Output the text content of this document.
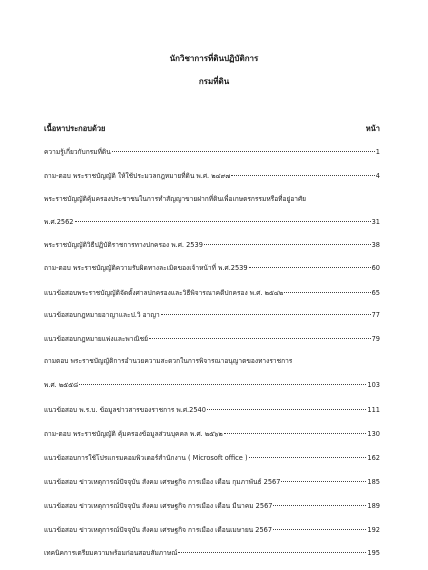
นักวิชาการที่ดินปฏิบัติการ
กรมที่ดิน
เนื้อหาประกอบด้วย	หน้า
ความรู้เกี่ยวกับกรมที่ดิน	1
ถาม-ตอบ พระราชบัญญัติ ให้ใช้ประมวลกฎหมายที่ดิน พ.ศ. ๒๔๙๗	4
พระราชบัญญัติคุ้มครองประชาชนในการทำสัญญาขายฝากที่ดินเพื่อเกษตรกรรมหรือที่อยู่อาศัย
พ.ศ.2562	31
พระราชบัญญัติวิธีปฏิบัติราชการทางปกครอง พ.ศ. 2539	38
ถาม-ตอบ พระราชบัญญัติความรับผิดทางละเมิดของเจ้าหน้าที่ พ.ศ.2539	60
แนวข้อสอบพระราชบัญญัติจัดตั้งศาลปกครองและวิธีพิจารณาคดีปกครอง พ.ศ. ๒๕๔๒	65
แนวข้อสอบกฎหมายอาญาและป.วิ อาญา	77
แนวข้อสอบกฎหมายแพ่งและพาณิชย์	79
ถามตอบ พระราชบัญญัติการอำนวยความสะดวกในการพิจารณาอนุญาตของทางราชการ
พ.ศ. ๒๕๕๘	103
แนวข้อสอบ พ.ร.บ. ข้อมูลข่าวสารของราชการ พ.ศ.2540	111
ถาม-ตอบ พระราชบัญญัติ คุ้มครองข้อมูลส่วนบุคคล พ.ศ. ๒๕๖๒	130
แนวข้อสอบการใช้โปรแกรมคอมพิวเตอร์สำนักงาน ( Microsoft office )	162
แนวข้อสอบ ข่าวเหตุการณ์ปัจจุบัน สังคม เศรษฐกิจ การเมือง เดือน กุมภาพันธ์ 2567	185
แนวข้อสอบ ข่าวเหตุการณ์ปัจจุบัน สังคม เศรษฐกิจ การเมือง เดือน มีนาคม 2567	189
แนวข้อสอบ ข่าวเหตุการณ์ปัจจุบัน สังคม เศรษฐกิจ การเมือง เดือนเมษายน 2567	192
เทคนิคการเตรียมความพร้อมก่อนสอบสัมภาษณ์	195
